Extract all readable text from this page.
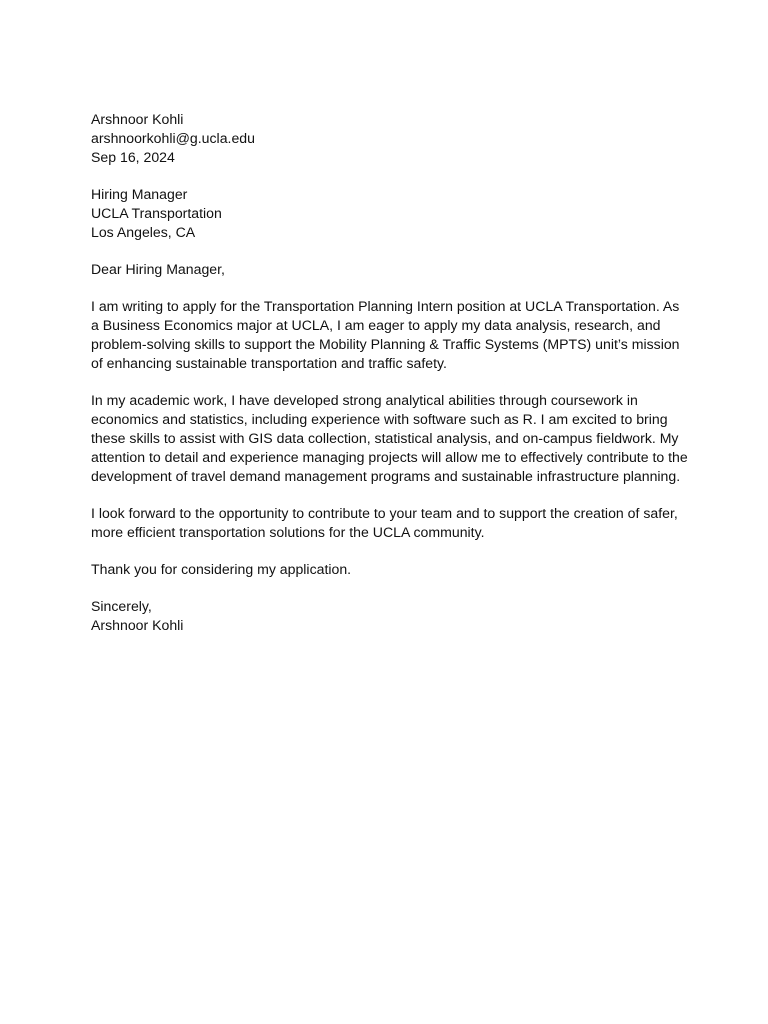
Arshnoor Kohli
arshnoorkohli@g.ucla.edu
Sep 16, 2024
Hiring Manager
UCLA Transportation
Los Angeles, CA
Dear Hiring Manager,
I am writing to apply for the Transportation Planning Intern position at UCLA Transportation. As
a Business Economics major at UCLA, I am eager to apply my data analysis, research, and
problem-solving skills to support the Mobility Planning & Traffic Systems (MPTS) unit’s mission
of enhancing sustainable transportation and traffic safety.
In my academic work, I have developed strong analytical abilities through coursework in
economics and statistics, including experience with software such as R. I am excited to bring
these skills to assist with GIS data collection, statistical analysis, and on-campus fieldwork. My
attention to detail and experience managing projects will allow me to effectively contribute to the
development of travel demand management programs and sustainable infrastructure planning.
I look forward to the opportunity to contribute to your team and to support the creation of safer,
more efficient transportation solutions for the UCLA community.
Thank you for considering my application.
Sincerely,
Arshnoor Kohli
